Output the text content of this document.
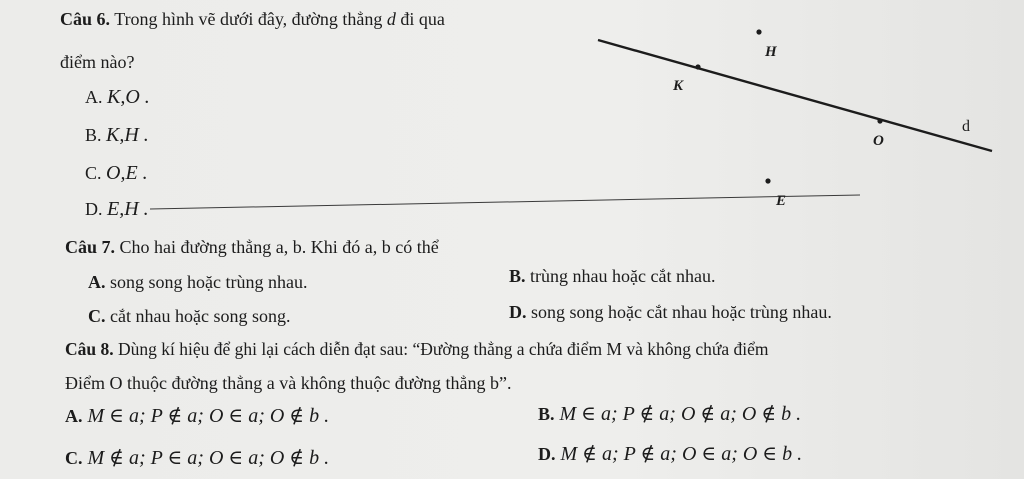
Câu 6. Trong hình vẽ dưới đây, đường thẳng d đi qua
điểm nào?
A. K,O .
B. K,H .
C. O,E .
D. E,H .
H
K
O
E
d
Câu 7. Cho hai đường thẳng a, b. Khi đó a, b có thể
A. song song hoặc trùng nhau.	B. trùng nhau hoặc cắt nhau.
C. cắt nhau hoặc song song.	D. song song hoặc cắt nhau hoặc trùng nhau.
Câu 8. Dùng kí hiệu để ghi lại cách diễn đạt sau: “Đường thẳng a chứa điểm M và không chứa điểm
Điểm O thuộc đường thẳng a và không thuộc đường thẳng b”.
A. M ∈ a; P ∉ a; O ∈ a; O ∉ b .	B. M ∈ a; P ∉ a; O ∉ a; O ∉ b .
C. M ∉ a; P ∈ a; O ∈ a; O ∉ b .	D. M ∉ a; P ∉ a; O ∈ a; O ∈ b .
